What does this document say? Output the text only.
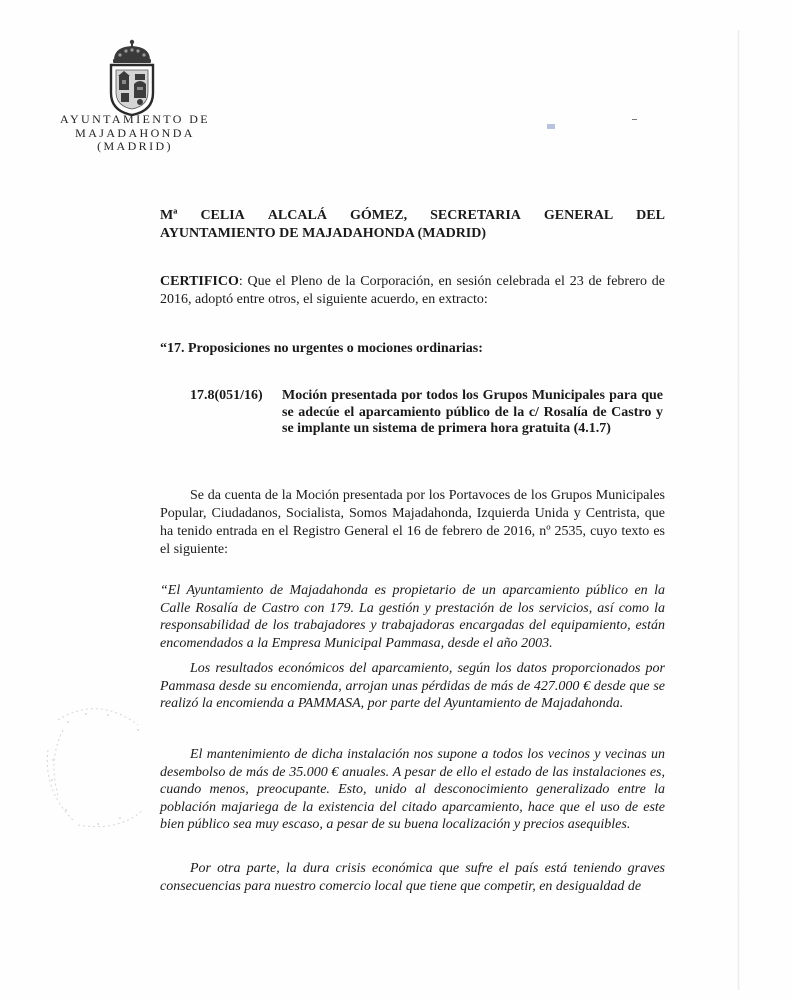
AYUNTAMIENTO DE
MAJADAHONDA
(MADRID)
Mª CELIA ALCALÁ GÓMEZ, SECRETARIA GENERAL DEL
AYUNTAMIENTO DE MAJADAHONDA (MADRID)
CERTIFICO: Que el Pleno de la Corporación, en sesión celebrada el 23 de febrero de 2016, adoptó entre otros, el siguiente acuerdo, en extracto:
“17. Proposiciones no urgentes o mociones ordinarias:
17.8(051/16)	Moción presentada por todos los Grupos Municipales para que se adecúe el aparcamiento público de la c/ Rosalía de Castro y se implante un sistema de primera hora gratuita (4.1.7)
Se da cuenta de la Moción presentada por los Portavoces de los Grupos Municipales Popular, Ciudadanos, Socialista, Somos Majadahonda, Izquierda Unida y Centrista, que ha tenido entrada en el Registro General el 16 de febrero de 2016, nº 2535, cuyo texto es el siguiente:
“El Ayuntamiento de Majadahonda es propietario de un aparcamiento público en la Calle Rosalía de Castro con 179. La gestión y prestación de los servicios, así como la responsabilidad de los trabajadores y trabajadoras encargadas del equipamiento, están encomendados a la Empresa Municipal Pammasa, desde el año 2003.
Los resultados económicos del aparcamiento, según los datos proporcionados por Pammasa desde su encomienda, arrojan unas pérdidas de más de 427.000 € desde que se realizó la encomienda a PAMMASA, por parte del Ayuntamiento de Majadahonda.
El mantenimiento de dicha instalación nos supone a todos los vecinos y vecinas un desembolso de más de 35.000 € anuales. A pesar de ello el estado de las instalaciones es, cuando menos, preocupante. Esto, unido al desconocimiento generalizado entre la población majariega de la existencia del citado aparcamiento, hace que el uso de este bien público sea muy escaso, a pesar de su buena localización y precios asequibles.
Por otra parte, la dura crisis económica que sufre el país está teniendo graves consecuencias para nuestro comercio local que tiene que competir, en desigualdad de
